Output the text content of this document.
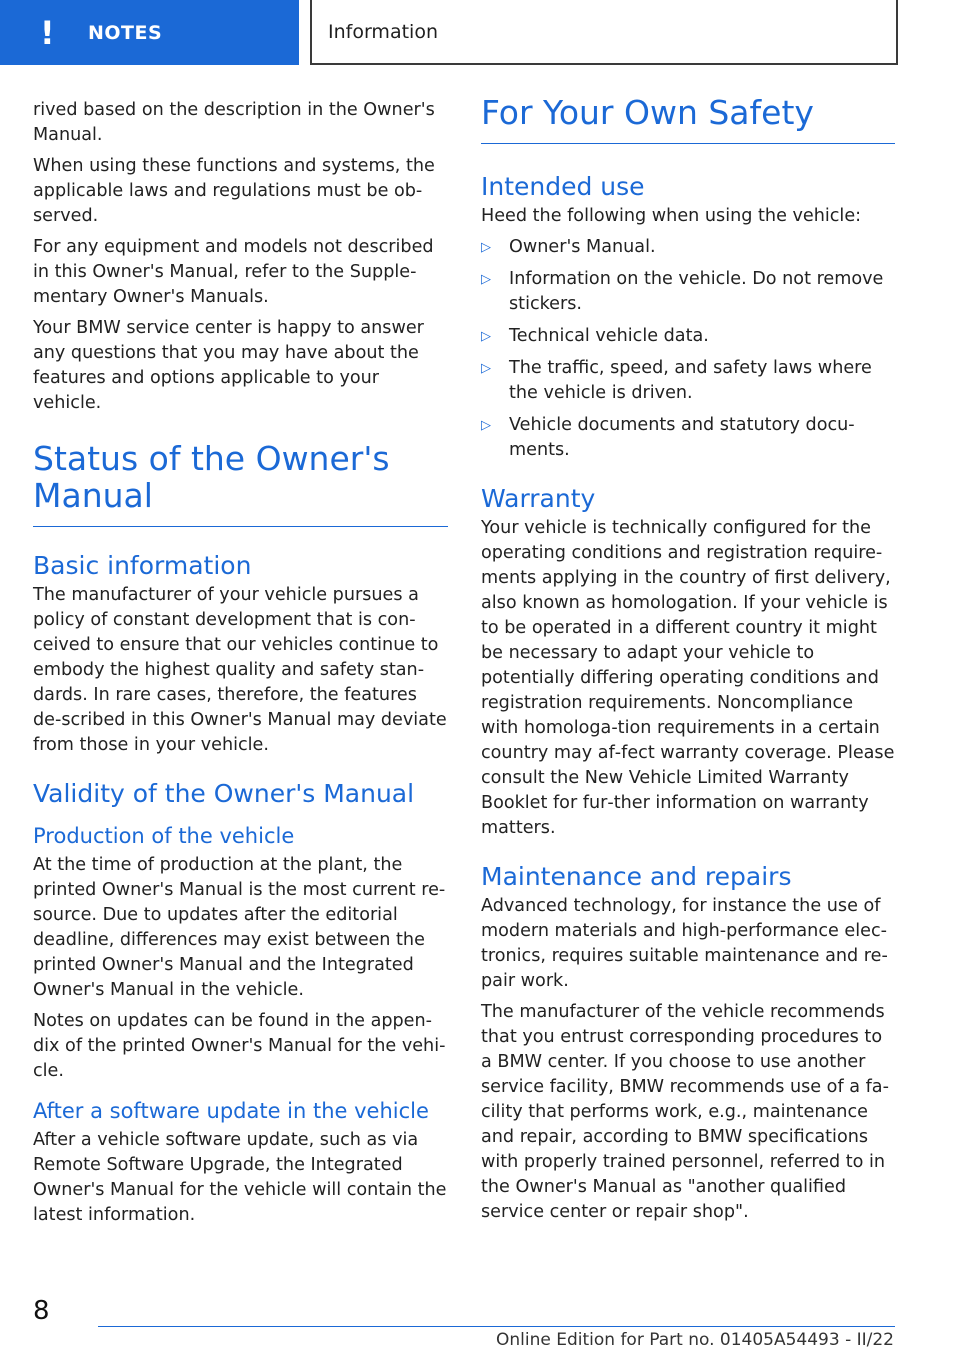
! NOTES	Information

rived based on the description in the Owner's Manual.

When using these functions and systems, the applicable laws and regulations must be ob‐served.

For any equipment and models not described in this Owner's Manual, refer to the Supple‐mentary Owner's Manuals.

Your BMW service center is happy to answer any questions that you may have about the features and options applicable to your vehicle.

Status of the Owner's Manual
Basic information

The manufacturer of your vehicle pursues a policy of constant development that is con‐ceived to ensure that our vehicles continue to embody the highest quality and safety stan‐dards. In rare cases, therefore, the features de‐scribed in this Owner's Manual may deviate from those in your vehicle.

Validity of the Owner's Manual
Production of the vehicle

At the time of production at the plant, the printed Owner's Manual is the most current re‐source. Due to updates after the editorial deadline, differences may exist between the printed Owner's Manual and the Integrated Owner's Manual in the vehicle.

Notes on updates can be found in the appen‐dix of the printed Owner's Manual for the vehi‐cle.

After a software update in the vehicle

After a vehicle software update, such as via Remote Software Upgrade, the Integrated Owner's Manual for the vehicle will contain the latest information.

For Your Own Safety
Intended use

Heed the following when using the vehicle:

▷ Owner's Manual.
▷ Information on the vehicle. Do not remove stickers.
▷ Technical vehicle data.
▷ The traffic, speed, and safety laws where the vehicle is driven.
▷ Vehicle documents and statutory docu‐ments.
Warranty

Your vehicle is technically configured for the operating conditions and registration require‐ments applying in the country of first delivery, also known as homologation. If your vehicle is to be operated in a different country it might be necessary to adapt your vehicle to potentially differing operating conditions and registration requirements. Noncompliance with homologa‐tion requirements in a certain country may af‐fect warranty coverage. Please consult the New Vehicle Limited Warranty Booklet for fur‐ther information on warranty matters.

Maintenance and repairs

Advanced technology, for instance the use of modern materials and high-performance elec‐tronics, requires suitable maintenance and re‐pair work.

The manufacturer of the vehicle recommends that you entrust corresponding procedures to a BMW center. If you choose to use another service facility, BMW recommends use of a fa‐cility that performs work, e.g., maintenance and repair, according to BMW specifications with properly trained personnel, referred to in the Owner's Manual as "another qualified service center or repair shop".

8
Online Edition for Part no. 01405A54493 - II/22
